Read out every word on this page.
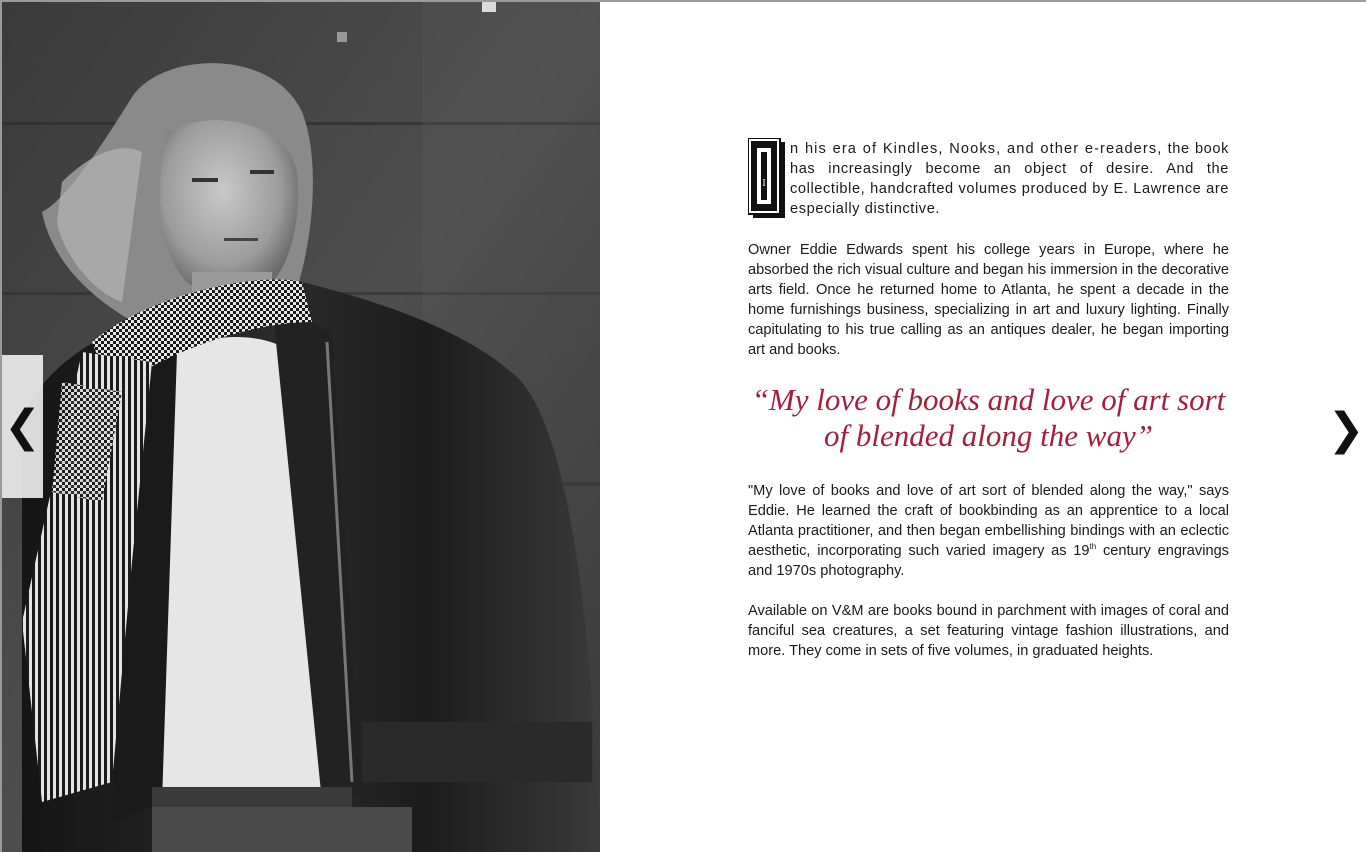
❮	❯
I
n his era of Kindles, Nooks, and other e-readers, the book has increasingly become an object of desire. And the collectible, handcrafted volumes produced by E. Lawrence are especially distinctive.

Owner Eddie Edwards spent his college years in Europe, where he absorbed the rich visual culture and began his immersion in the decorative arts field. Once he returned home to Atlanta, he spent a decade in the home furnishings business, specializing in art and luxury lighting. Finally capitulating to his true calling as an antiques dealer, he began importing art and books.

“My love of books and love of art sort of blended along the way”

"My love of books and love of art sort of blended along the way," says Eddie. He learned the craft of bookbinding as an apprentice to a local Atlanta practitioner, and then began embellishing bindings with an eclectic aesthetic, incorporating such varied imagery as 19th century engravings and 1970s photography.

Available on V&M are books bound in parchment with images of coral and fanciful sea creatures, a set featuring vintage fashion illustrations, and more. They come in sets of five volumes, in graduated heights.
